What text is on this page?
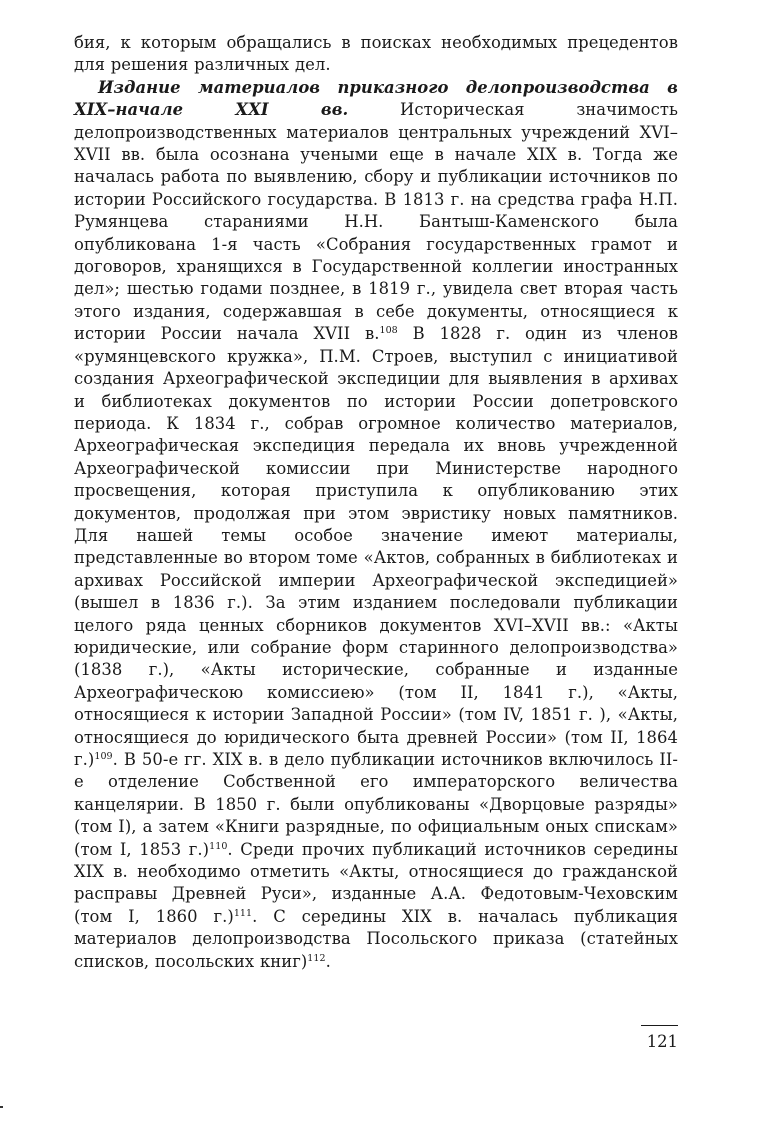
бия, к которым обращались в поисках необходимых прецедентов для решения различных дел.

Издание материалов приказного делопроизводства в XIX–начале XXI вв. Историческая значимость делопроизводственных материалов центральных учреждений XVI–XVII вв. была осознана учеными еще в начале XIX в. Тогда же началась работа по выявлению, сбору и публикации источников по истории Российского государства. В 1813 г. на средства графа Н.П. Румянцева стараниями Н.Н. Бантыш-Каменского была опубликована 1-я часть «Собрания государственных грамот и договоров, хранящихся в Государственной коллегии иностранных дел»; шестью годами позднее, в 1819 г., увидела свет вторая часть этого издания, содержавшая в себе документы, относящиеся к истории России начала XVII в.$^{108}$ В 1828 г. один из членов «румянцевского кружка», П.М. Строев, выступил с инициативой создания Археографической экспедиции для выявления в архивах и библиотеках документов по истории России допетровского периода. К 1834 г., собрав огромное количество материалов, Археографическая экспедиция передала их вновь учрежденной Археографической комиссии при Министерстве народного просвещения, которая приступила к опубликованию этих документов, продолжая при этом эвристику новых памятников. Для нашей темы особое значение имеют материалы, представленные во втором томе «Актов, собранных в библиотеках и архивах Российской империи Археографической экспедицией» (вышел в 1836 г.). За этим изданием последовали публикации целого ряда ценных сборников документов XVI–XVII вв.: «Акты юридические, или собрание форм старинного делопроизводства» (1838 г.), «Акты исторические, собранные и изданные Археографическою комиссиею» (том II, 1841 г.), «Акты, относящиеся к истории Западной России» (том IV, 1851 г. ), «Акты, относящиеся до юридического быта древней России» (том II, 1864 г.)$^{109}$. В 50-е гг. XIX в. в дело публикации источников включилось II-е отделение Собственной его императорского величества канцелярии. В 1850 г. были опубликованы «Дворцовые разряды» (том I), а затем «Книги разрядные, по официальным оных спискам» (том I, 1853 г.)$^{110}$. Среди прочих публикаций источников середины XIX в. необходимо отметить «Акты, относящиеся до гражданской расправы Древней Руси», изданные А.А. Федотовым-Чеховским (том I, 1860 г.)$^{111}$. С середины XIX в. началась публикация материалов делопроизводства Посольского приказа (статейных списков, посольских книг)$^{112}$.

121
